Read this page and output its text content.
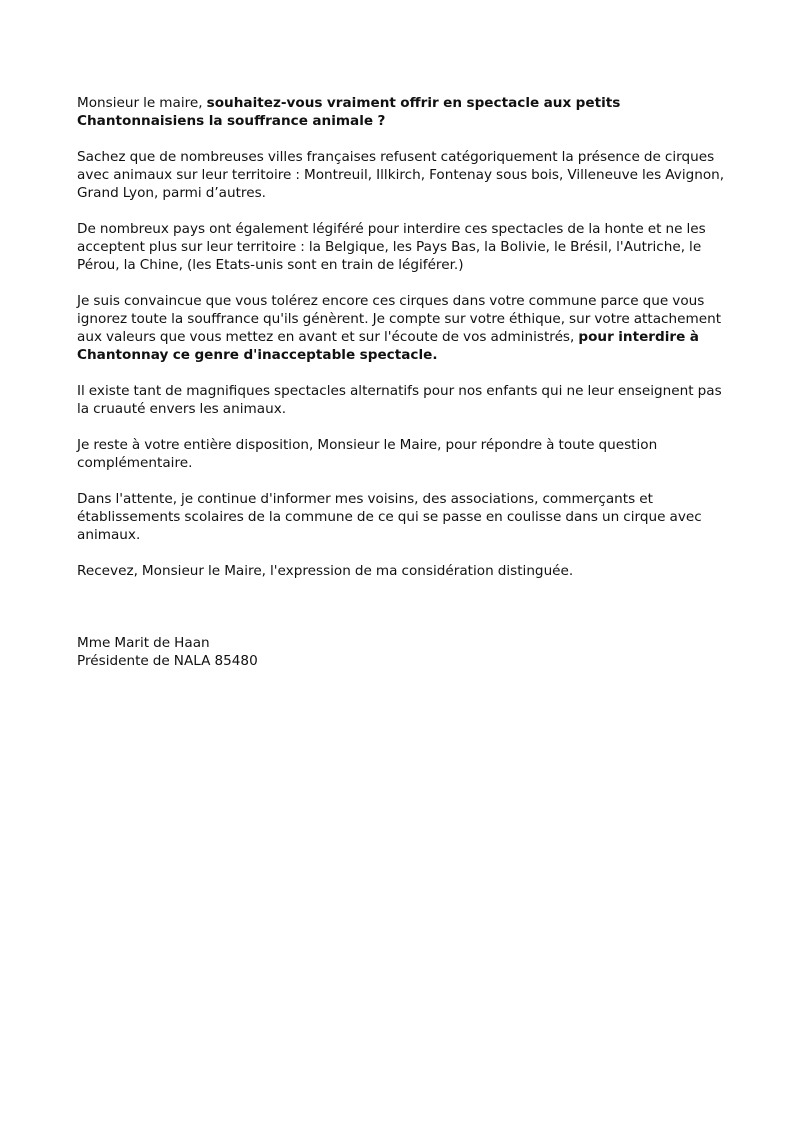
Monsieur le maire, souhaitez-vous vraiment offrir en spectacle aux petits Chantonnaisiens la souffrance animale ?

Sachez que de nombreuses villes françaises refusent catégoriquement la présence de cirques avec animaux sur leur territoire : Montreuil, Illkirch, Fontenay sous bois, Villeneuve les Avignon, Grand Lyon, parmi d’autres.

De nombreux pays ont également légiféré pour interdire ces spectacles de la honte et ne les acceptent plus sur leur territoire : la Belgique, les Pays Bas, la Bolivie, le Brésil, l'Autriche, le Pérou, la Chine, (les Etats-unis sont en train de légiférer.)

Je suis convaincue que vous tolérez encore ces cirques dans votre commune parce que vous ignorez toute la souffrance qu'ils génèrent. Je compte sur votre éthique, sur votre attachement aux valeurs que vous mettez en avant et sur l'écoute de vos administrés, pour interdire à Chantonnay ce genre d'inacceptable spectacle.

Il existe tant de magnifiques spectacles alternatifs pour nos enfants qui ne leur enseignent pas la cruauté envers les animaux.

Je reste à votre entière disposition, Monsieur le Maire, pour répondre à toute question complémentaire.

Dans l'attente, je continue d'informer mes voisins, des associations, commerçants et établissements scolaires de la commune de ce qui se passe en coulisse dans un cirque avec animaux.

Recevez, Monsieur le Maire, l'expression de ma considération distinguée.

Mme Marit de Haan
Présidente de NALA 85480
